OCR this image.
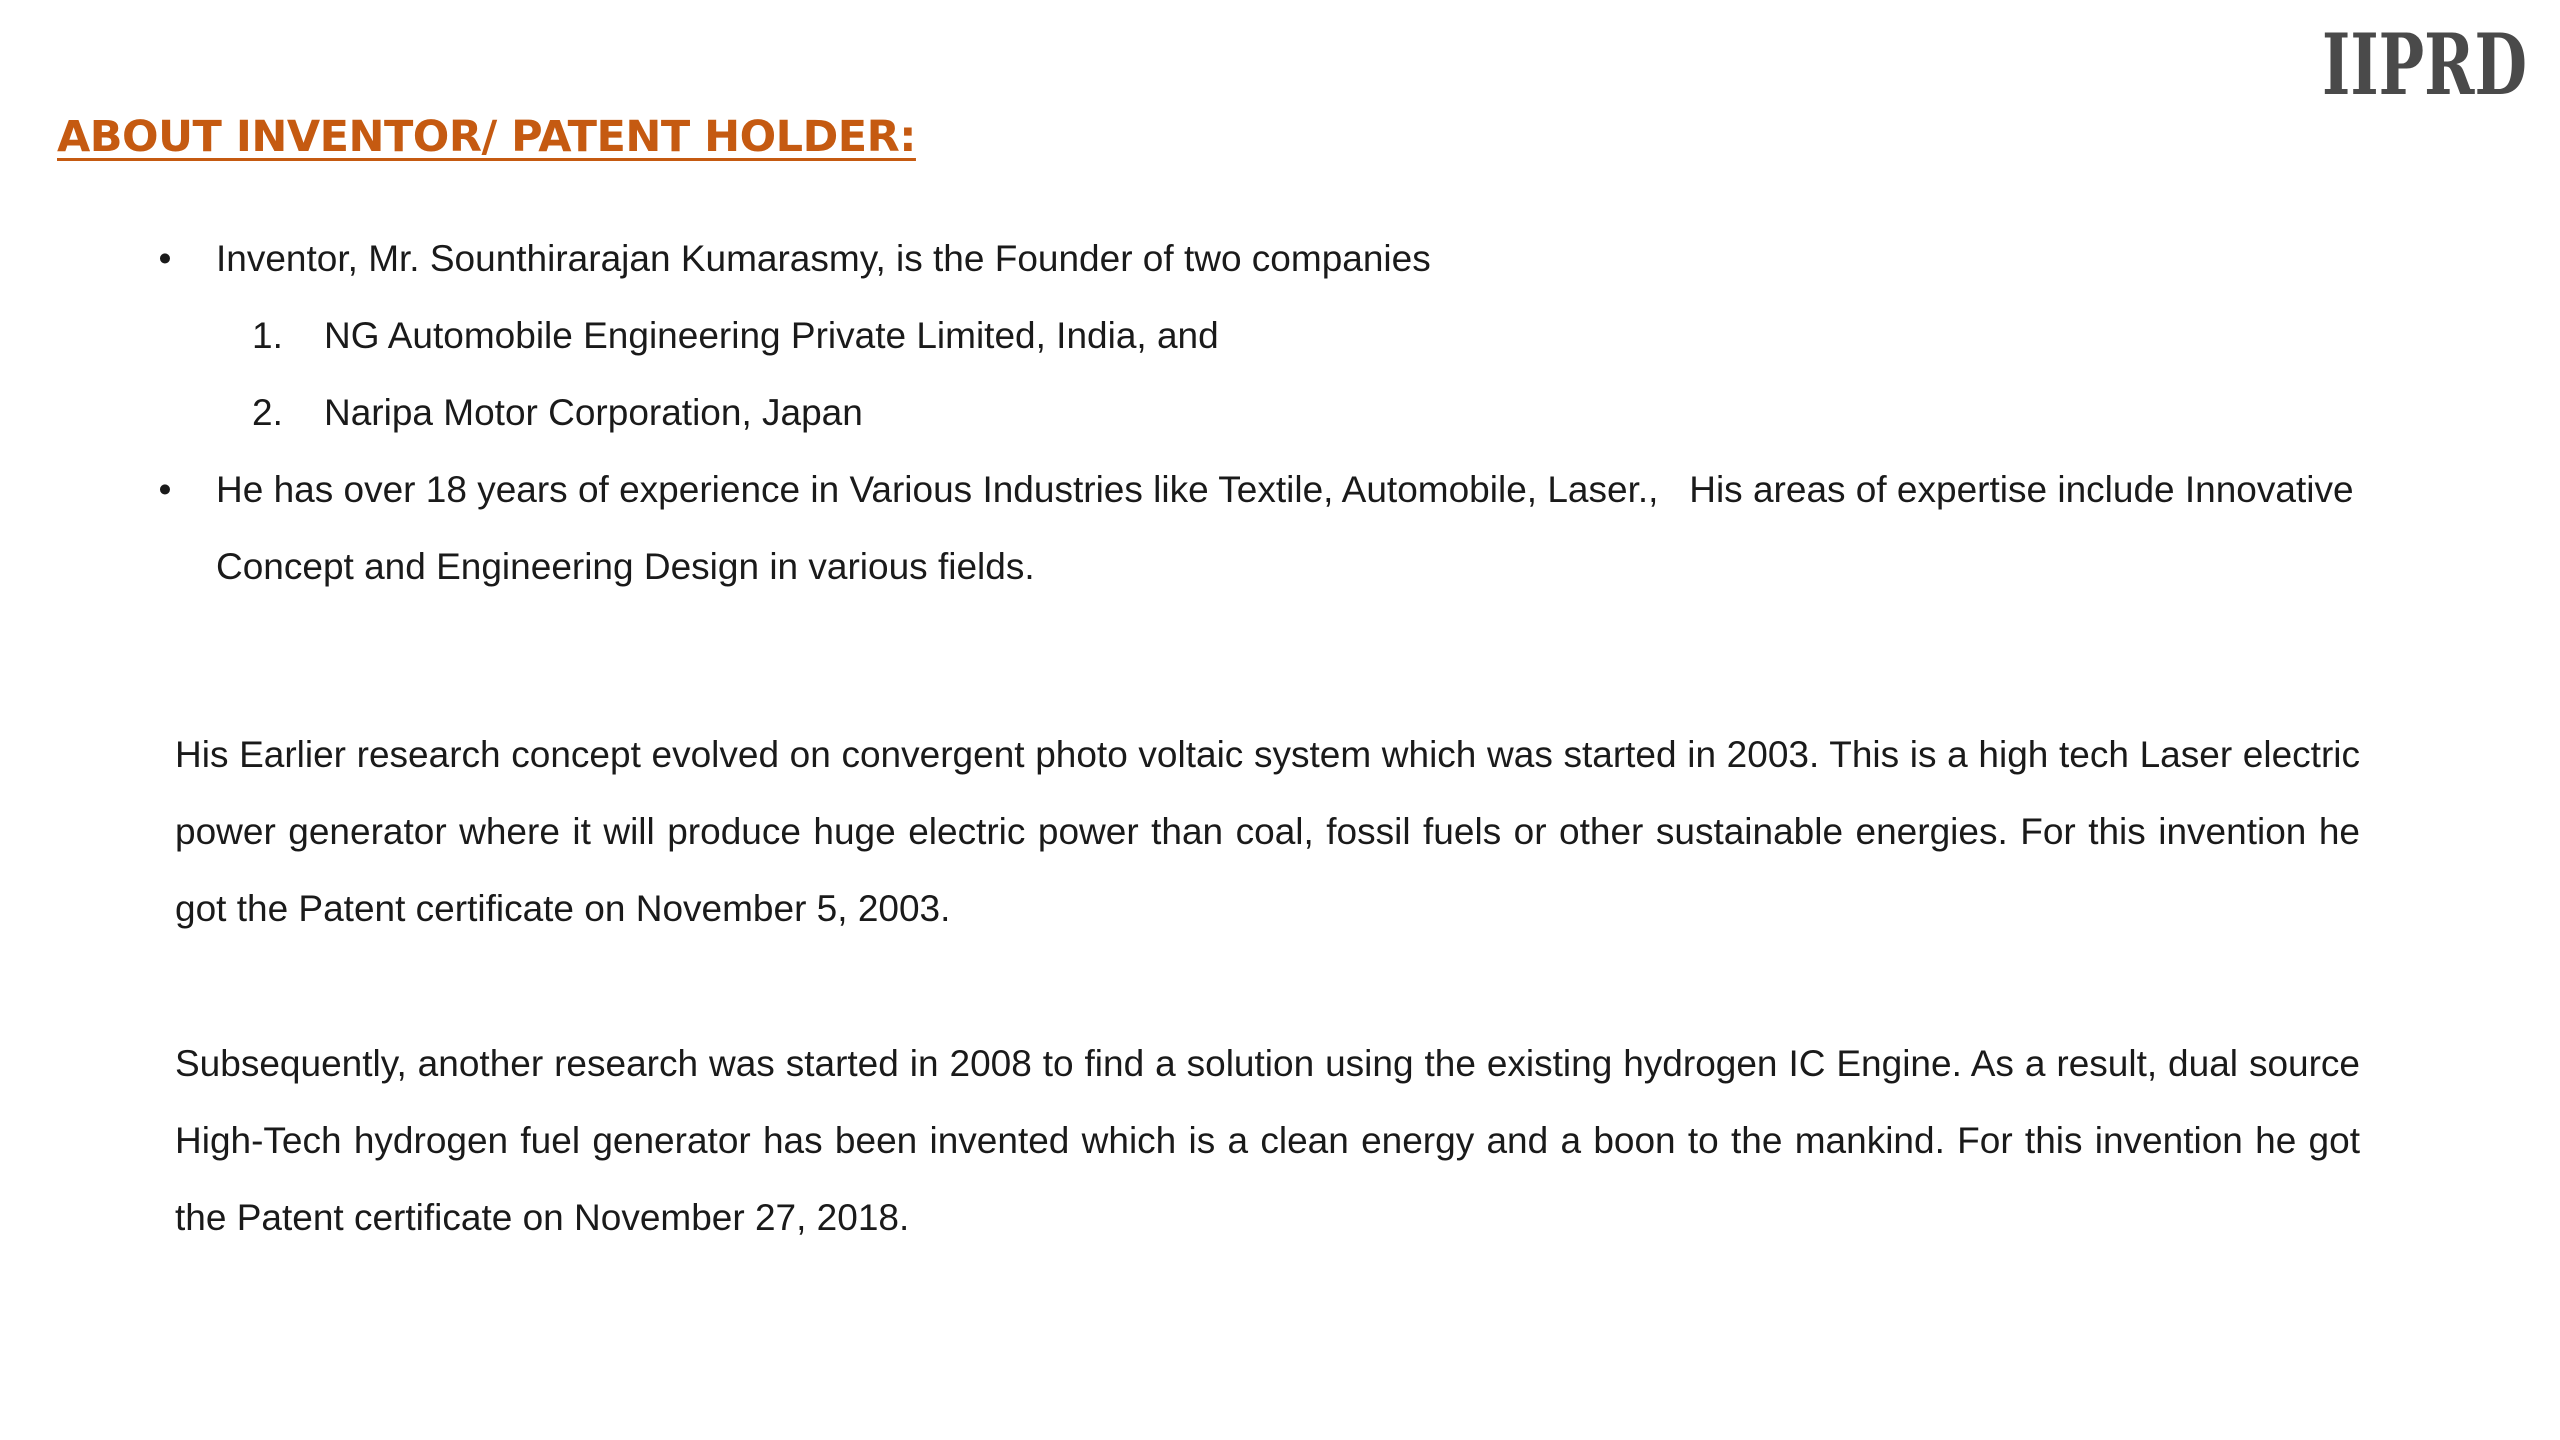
IIPRD
ABOUT INVENTOR/ PATENT HOLDER:
• Inventor, Mr. Sounthirarajan Kumarasmy, is the Founder of two companies
1. NG Automobile Engineering Private Limited, India, and
2. Naripa Motor Corporation, Japan
• He has over 18 years of experience in Various Industries like Textile, Automobile, Laser.,   His areas of expertise include Innovative Concept and Engineering Design in various fields.

His Earlier research concept evolved on convergent photo voltaic system which was started in 2003. This is a high tech Laser electric power generator where it will produce huge electric power than coal, fossil fuels or other sustainable energies. For this invention he got the Patent certificate on November 5, 2003.

Subsequently, another research was started in 2008 to find a solution using the existing hydrogen IC Engine. As a result, dual source High-Tech hydrogen fuel generator has been invented which is a clean energy and a boon to the mankind. For this invention he got the Patent certificate on November 27, 2018.
